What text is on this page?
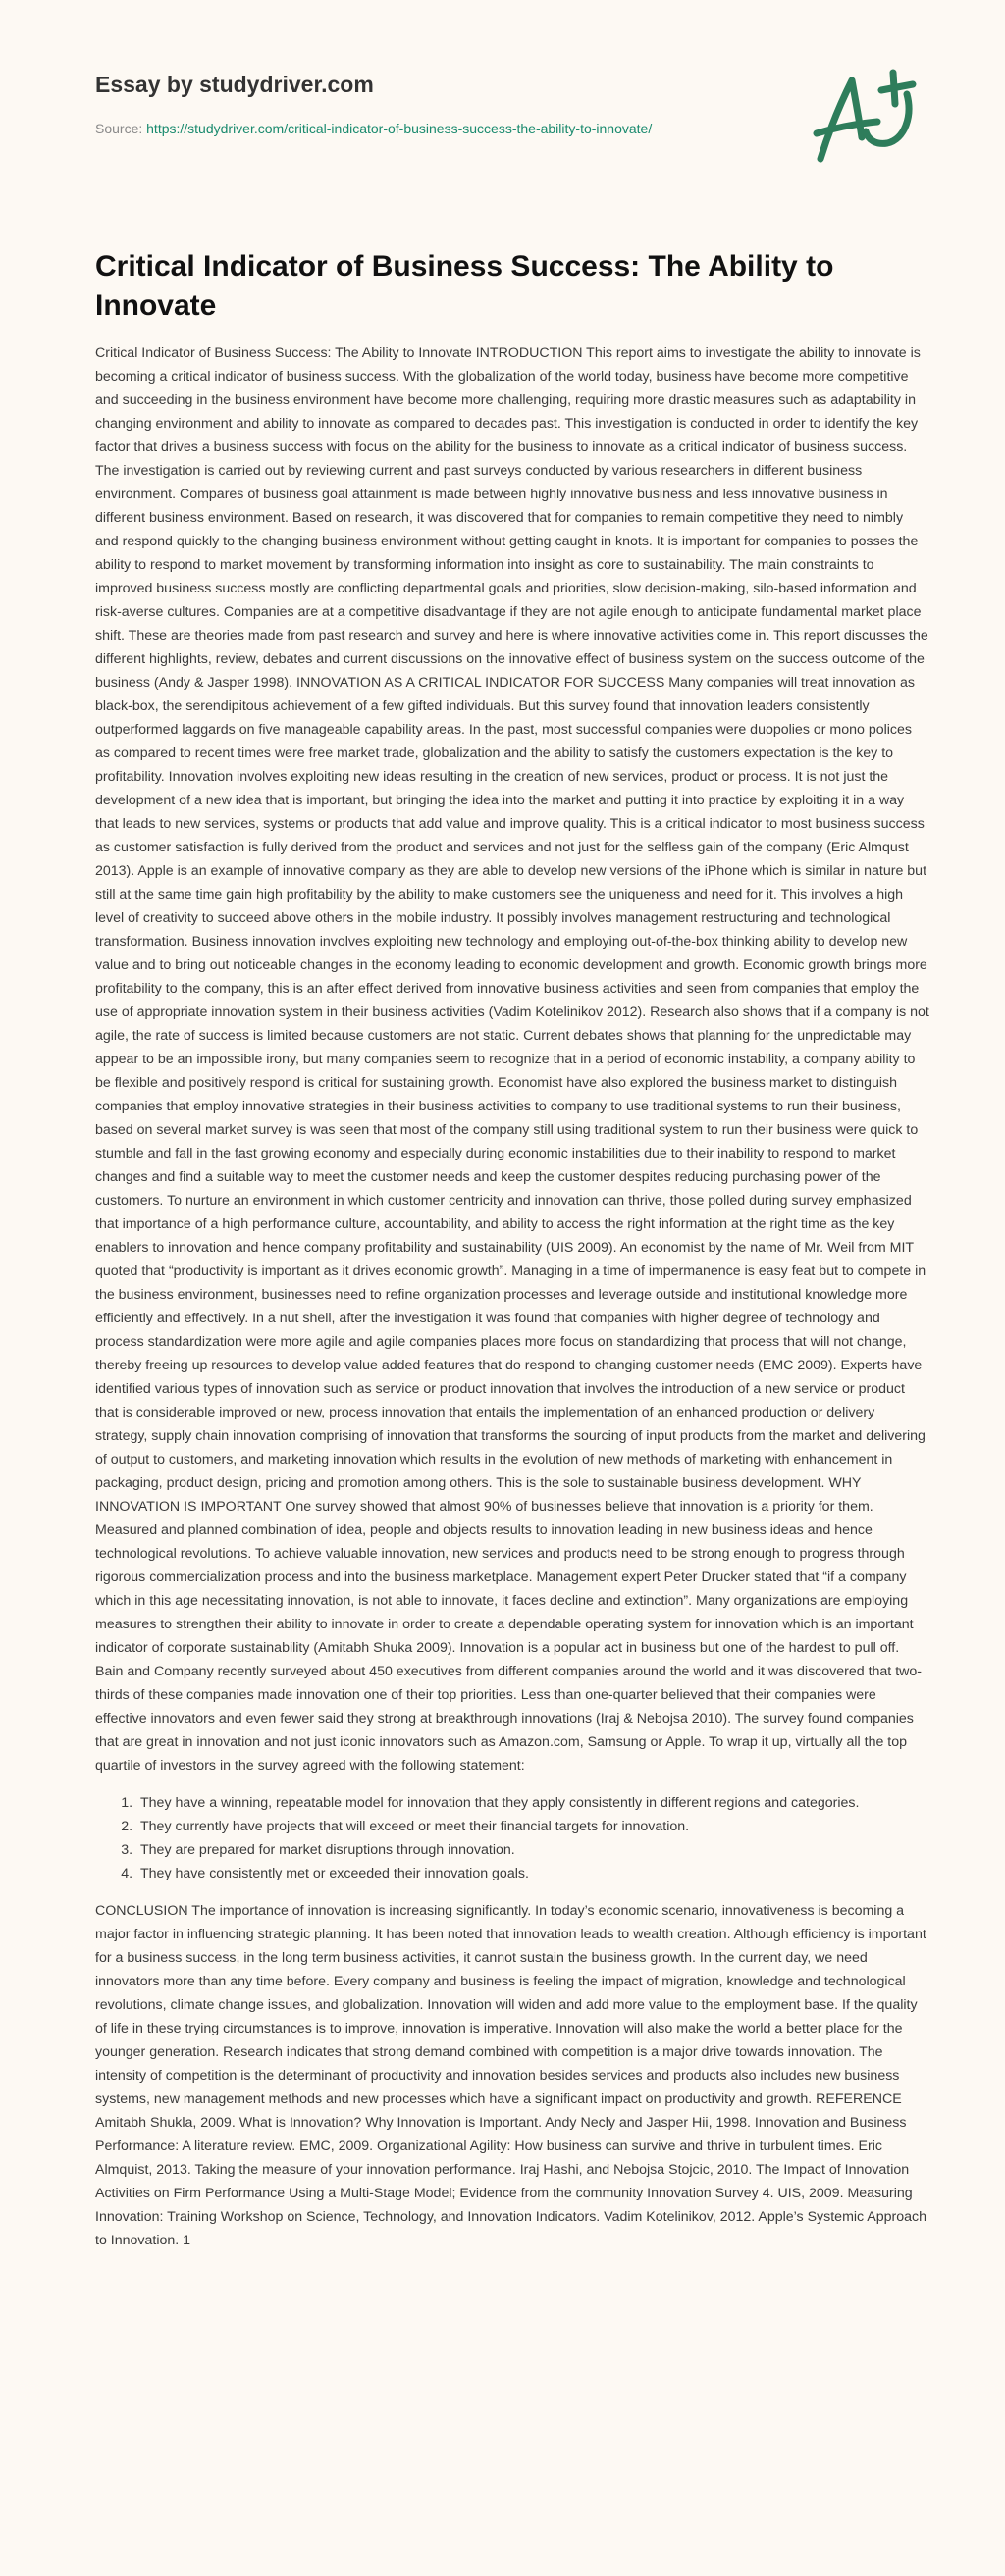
Essay by studydriver.com
Source: https://studydriver.com/critical-indicator-of-business-success-the-ability-to-innovate/
Critical Indicator of Business Success: The Ability to Innovate

Critical Indicator of Business Success: The Ability to Innovate INTRODUCTION This report aims to investigate the ability to innovate is becoming a critical indicator of business success. With the globalization of the world today, business have become more competitive and succeeding in the business environment have become more challenging, requiring more drastic measures such as adaptability in changing environment and ability to innovate as compared to decades past. This investigation is conducted in order to identify the key factor that drives a business success with focus on the ability for the business to innovate as a critical indicator of business success. The investigation is carried out by reviewing current and past surveys conducted by various researchers in different business environment. Compares of business goal attainment is made between highly innovative business and less innovative business in different business environment. Based on research, it was discovered that for companies to remain competitive they need to nimbly and respond quickly to the changing business environment without getting caught in knots. It is important for companies to posses the ability to respond to market movement by transforming information into insight as core to sustainability. The main constraints to improved business success mostly are conflicting departmental goals and priorities, slow decision-making, silo-based information and risk-averse cultures. Companies are at a competitive disadvantage if they are not agile enough to anticipate fundamental market place shift. These are theories made from past research and survey and here is where innovative activities come in. This report discusses the different highlights, review, debates and current discussions on the innovative effect of business system on the success outcome of the business (Andy & Jasper 1998). INNOVATION AS A CRITICAL INDICATOR FOR SUCCESS Many companies will treat innovation as black-box, the serendipitous achievement of a few gifted individuals. But this survey found that innovation leaders consistently outperformed laggards on five manageable capability areas. In the past, most successful companies were duopolies or mono polices as compared to recent times were free market trade, globalization and the ability to satisfy the customers expectation is the key to profitability. Innovation involves exploiting new ideas resulting in the creation of new services, product or process. It is not just the development of a new idea that is important, but bringing the idea into the market and putting it into practice by exploiting it in a way that leads to new services, systems or products that add value and improve quality. This is a critical indicator to most business success as customer satisfaction is fully derived from the product and services and not just for the selfless gain of the company (Eric Almqust 2013). Apple is an example of innovative company as they are able to develop new versions of the iPhone which is similar in nature but still at the same time gain high profitability by the ability to make customers see the uniqueness and need for it. This involves a high level of creativity to succeed above others in the mobile industry. It possibly involves management restructuring and technological transformation. Business innovation involves exploiting new technology and employing out-of-the-box thinking ability to develop new value and to bring out noticeable changes in the economy leading to economic development and growth. Economic growth brings more profitability to the company, this is an after effect derived from innovative business activities and seen from companies that employ the use of appropriate innovation system in their business activities (Vadim Kotelinikov 2012). Research also shows that if a company is not agile, the rate of success is limited because customers are not static. Current debates shows that planning for the unpredictable may appear to be an impossible irony, but many companies seem to recognize that in a period of economic instability, a company ability to be flexible and positively respond is critical for sustaining growth. Economist have also explored the business market to distinguish companies that employ innovative strategies in their business activities to company to use traditional systems to run their business, based on several market survey is was seen that most of the company still using traditional system to run their business were quick to stumble and fall in the fast growing economy and especially during economic instabilities due to their inability to respond to market changes and find a suitable way to meet the customer needs and keep the customer despites reducing purchasing power of the customers. To nurture an environment in which customer centricity and innovation can thrive, those polled during survey emphasized that importance of a high performance culture, accountability, and ability to access the right information at the right time as the key enablers to innovation and hence company profitability and sustainability (UIS 2009). An economist by the name of Mr. Weil from MIT quoted that “productivity is important as it drives economic growth”. Managing in a time of impermanence is easy feat but to compete in the business environment, businesses need to refine organization processes and leverage outside and institutional knowledge more efficiently and effectively. In a nut shell, after the investigation it was found that companies with higher degree of technology and process standardization were more agile and agile companies places more focus on standardizing that process that will not change, thereby freeing up resources to develop value added features that do respond to changing customer needs (EMC 2009). Experts have identified various types of innovation such as service or product innovation that involves the introduction of a new service or product that is considerable improved or new, process innovation that entails the implementation of an enhanced production or delivery strategy, supply chain innovation comprising of innovation that transforms the sourcing of input products from the market and delivering of output to customers, and marketing innovation which results in the evolution of new methods of marketing with enhancement in packaging, product design, pricing and promotion among others. This is the sole to sustainable business development. WHY INNOVATION IS IMPORTANT One survey showed that almost 90% of businesses believe that innovation is a priority for them. Measured and planned combination of idea, people and objects results to innovation leading in new business ideas and hence technological revolutions. To achieve valuable innovation, new services and products need to be strong enough to progress through rigorous commercialization process and into the business marketplace. Management expert Peter Drucker stated that “if a company which in this age necessitating innovation, is not able to innovate, it faces decline and extinction”. Many organizations are employing measures to strengthen their ability to innovate in order to create a dependable operating system for innovation which is an important indicator of corporate sustainability (Amitabh Shuka 2009). Innovation is a popular act in business but one of the hardest to pull off. Bain and Company recently surveyed about 450 executives from different companies around the world and it was discovered that two-thirds of these companies made innovation one of their top priorities. Less than one-quarter believed that their companies were effective innovators and even fewer said they strong at breakthrough innovations (Iraj & Nebojsa 2010). The survey found companies that are great in innovation and not just iconic innovators such as Amazon.com, Samsung or Apple. To wrap it up, virtually all the top quartile of investors in the survey agreed with the following statement:

1. They have a winning, repeatable model for innovation that they apply consistently in different regions and categories.
2. They currently have projects that will exceed or meet their financial targets for innovation.
3. They are prepared for market disruptions through innovation.
4. They have consistently met or exceeded their innovation goals.

CONCLUSION The importance of innovation is increasing significantly. In today’s economic scenario, innovativeness is becoming a major factor in influencing strategic planning. It has been noted that innovation leads to wealth creation. Although efficiency is important for a business success, in the long term business activities, it cannot sustain the business growth. In the current day, we need innovators more than any time before. Every company and business is feeling the impact of migration, knowledge and technological revolutions, climate change issues, and globalization. Innovation will widen and add more value to the employment base. If the quality of life in these trying circumstances is to improve, innovation is imperative. Innovation will also make the world a better place for the younger generation. Research indicates that strong demand combined with competition is a major drive towards innovation. The intensity of competition is the determinant of productivity and innovation besides services and products also includes new business systems, new management methods and new processes which have a significant impact on productivity and growth. REFERENCE Amitabh Shukla, 2009. What is Innovation? Why Innovation is Important. Andy Necly and Jasper Hii, 1998. Innovation and Business Performance: A literature review. EMC, 2009. Organizational Agility: How business can survive and thrive in turbulent times. Eric Almquist, 2013. Taking the measure of your innovation performance. Iraj Hashi, and Nebojsa Stojcic, 2010. The Impact of Innovation Activities on Firm Performance Using a Multi-Stage Model; Evidence from the community Innovation Survey 4. UIS, 2009. Measuring Innovation: Training Workshop on Science, Technology, and Innovation Indicators. Vadim Kotelinikov, 2012. Apple’s Systemic Approach to Innovation. 1
